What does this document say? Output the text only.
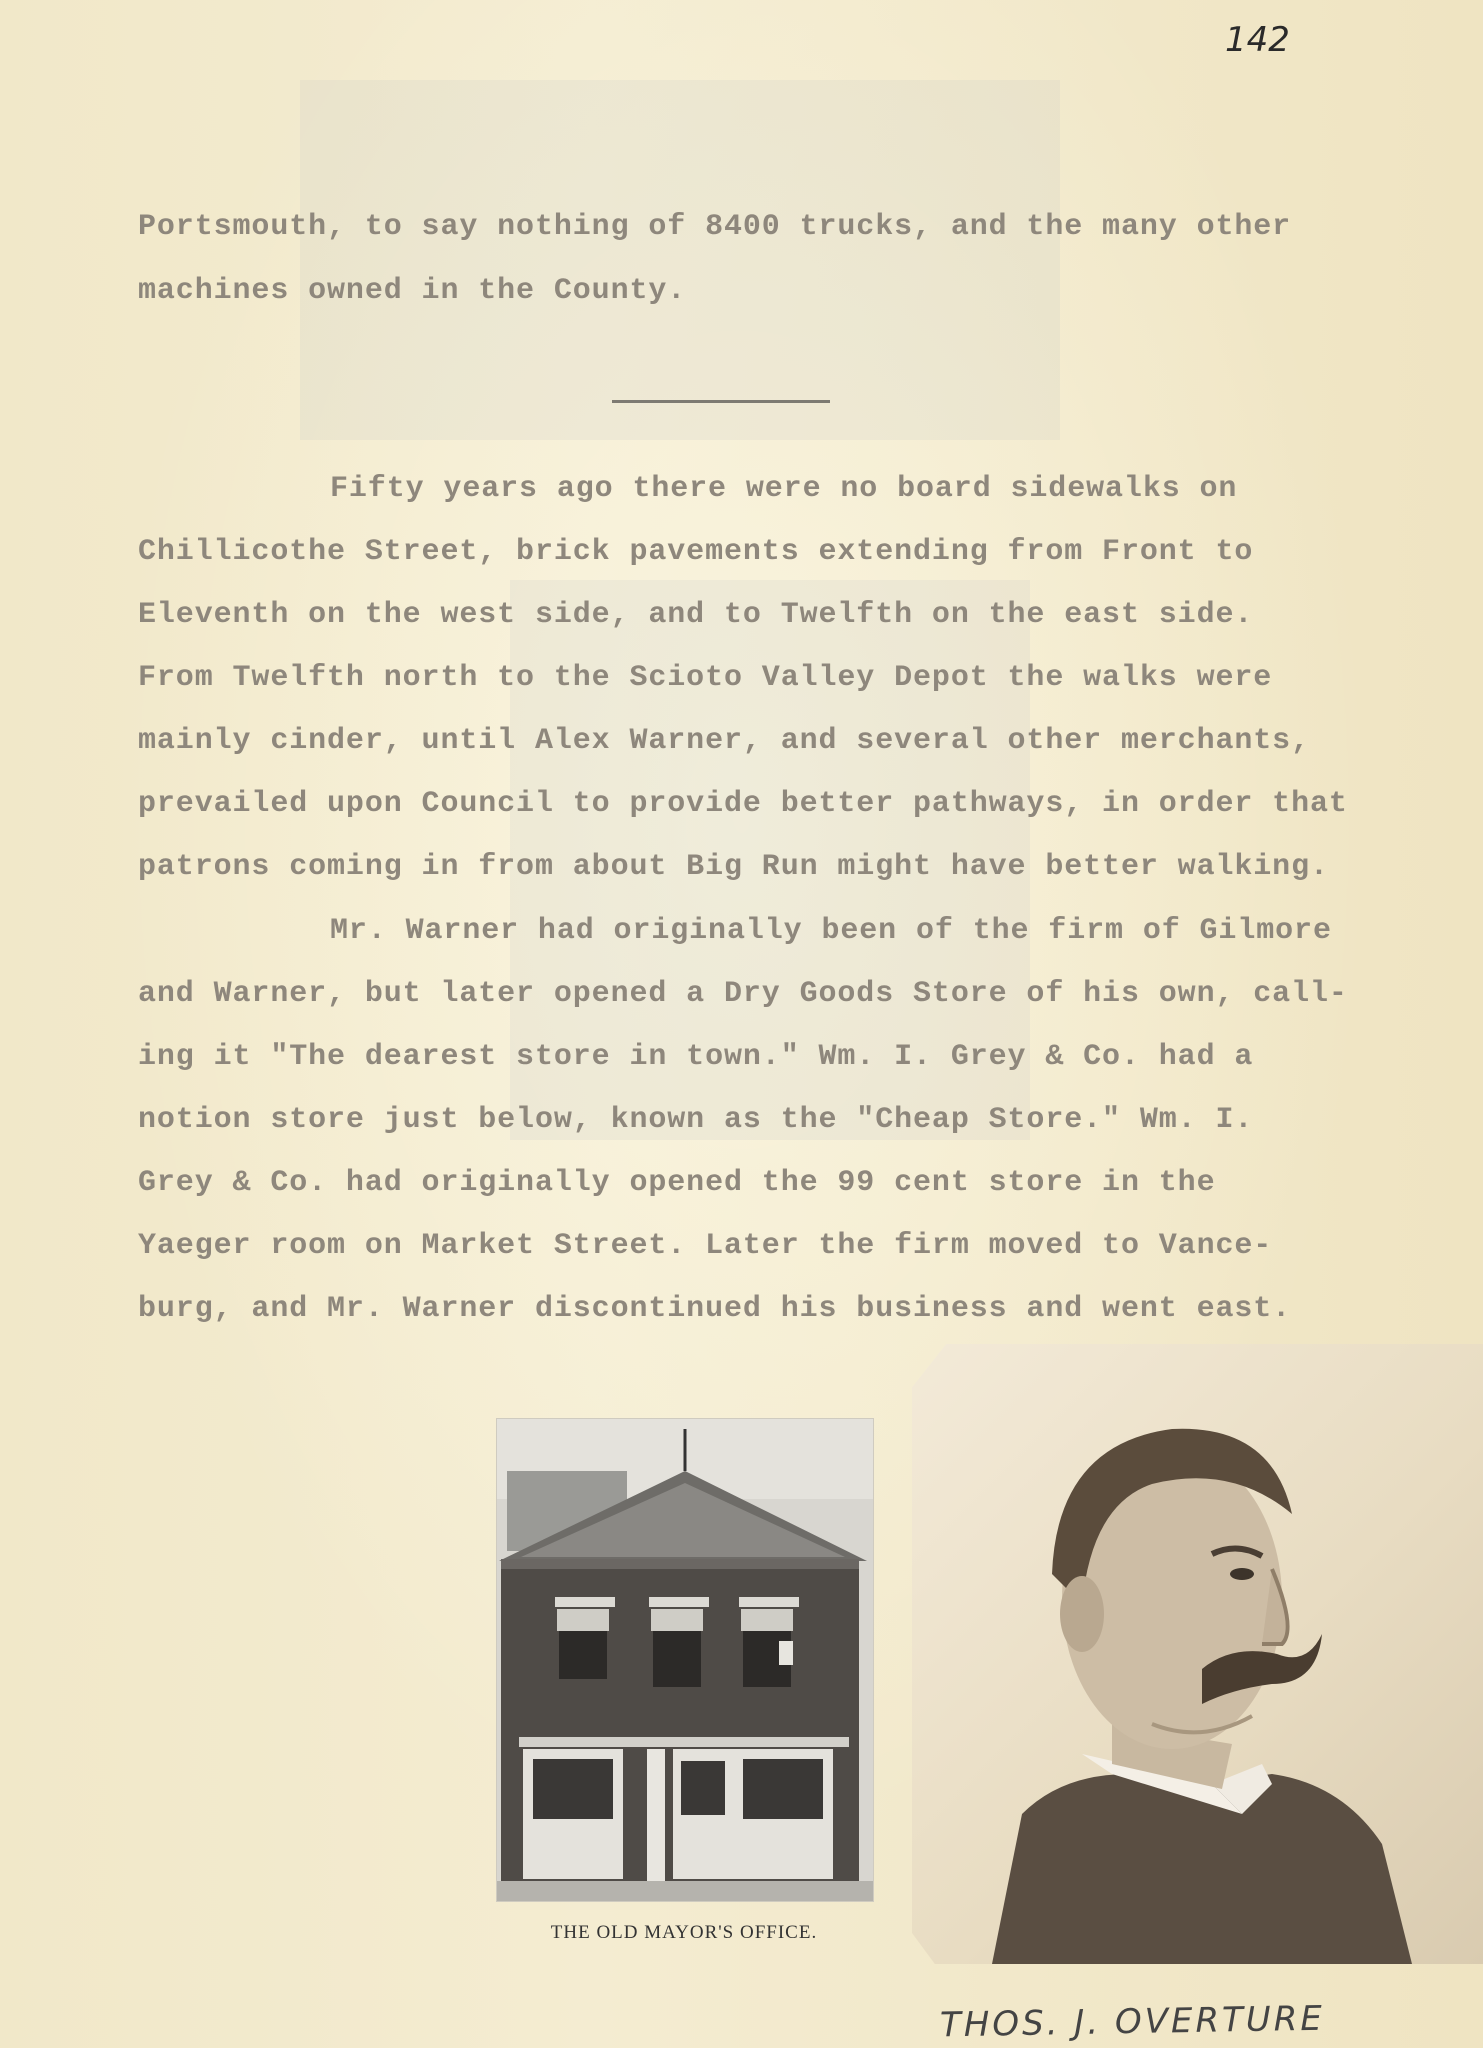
142
Portsmouth, to say nothing of 8400 trucks, and the many other
machines owned in the County.
Fifty years ago there were no board sidewalks on
Chillicothe Street, brick pavements extending from Front to
Eleventh on the west side, and to Twelfth on the east side.
From Twelfth north to the Scioto Valley Depot the walks were
mainly cinder, until Alex Warner, and several other merchants,
prevailed upon Council to provide better pathways, in order that
patrons coming in from about Big Run might have better walking.
Mr. Warner had originally been of the firm of Gilmore
and Warner, but later opened a Dry Goods Store of his own, call-
ing it "The dearest store in town." Wm. I. Grey & Co. had a
notion store just below, known as the "Cheap Store." Wm. I.
Grey & Co. had originally opened the 99 cent store in the
Yaeger room on Market Street. Later the firm moved to Vance-
burg, and Mr. Warner discontinued his business and went east.
THE OLD MAYOR'S OFFICE.
THOS. J. OVERTURE
